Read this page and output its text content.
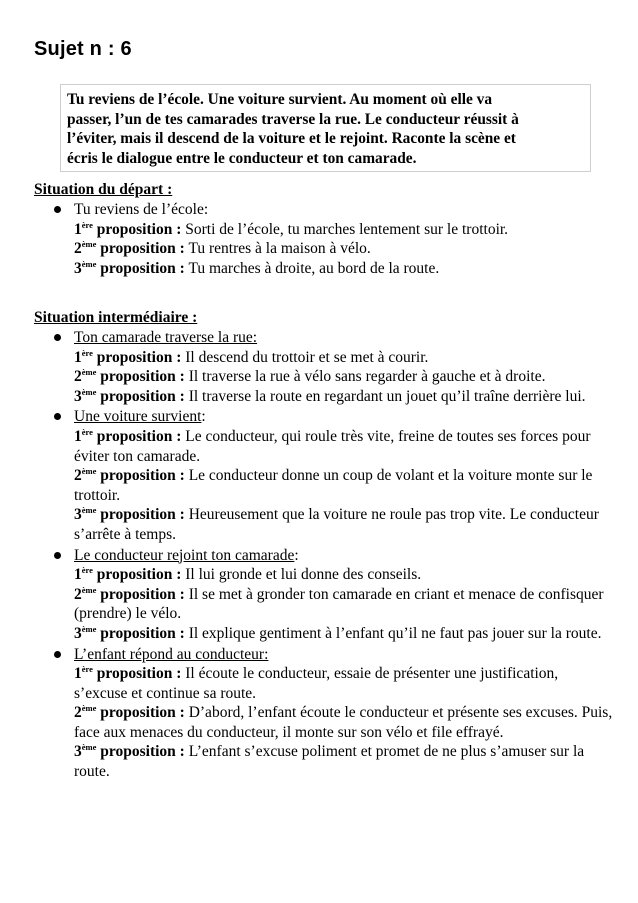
Sujet n : 6
Tu reviens de l’école. Une voiture survient. Au moment où elle va
passer, l’un de tes camarades traverse la rue. Le conducteur réussit à
l’éviter, mais il descend de la voiture et le rejoint. Raconte la scène et
écris le dialogue entre le conducteur et ton camarade.
Situation du départ :
Tu reviens de l’école:
1ère proposition : Sorti de l’école, tu marches lentement sur le trottoir.
2ème proposition : Tu rentres à la maison à vélo.
3ème proposition : Tu marches à droite, au bord de la route.
Situation intermédiaire :
Ton camarade traverse la rue:
1ère proposition : Il descend du trottoir et se met à courir.
2ème proposition : Il traverse la rue à vélo sans regarder à gauche et à droite.
3ème proposition : Il traverse la route en regardant un jouet qu’il traîne derrière lui.
Une voiture survient:
1ère proposition : Le conducteur, qui roule très vite, freine de toutes ses forces pour éviter ton camarade.
2ème proposition : Le conducteur donne un coup de volant et la voiture monte sur le trottoir.
3ème proposition : Heureusement que la voiture ne roule pas trop vite. Le conducteur s’arrête à temps.
Le conducteur rejoint ton camarade:
1ère proposition : Il lui gronde et lui donne des conseils.
2ème proposition : Il se met à gronder ton camarade en criant et menace de confisquer (prendre) le vélo.
3ème proposition : Il explique gentiment à l’enfant qu’il ne faut pas jouer sur la route.
L’enfant répond au conducteur:
1ère proposition : Il écoute le conducteur, essaie de présenter une justification, s’excuse et continue sa route.
2ème proposition : D’abord, l’enfant écoute le conducteur et présente ses excuses. Puis, face aux menaces du conducteur, il monte sur son vélo et file effrayé.
3ème proposition : L’enfant s’excuse poliment et promet de ne plus s’amuser sur la route.
